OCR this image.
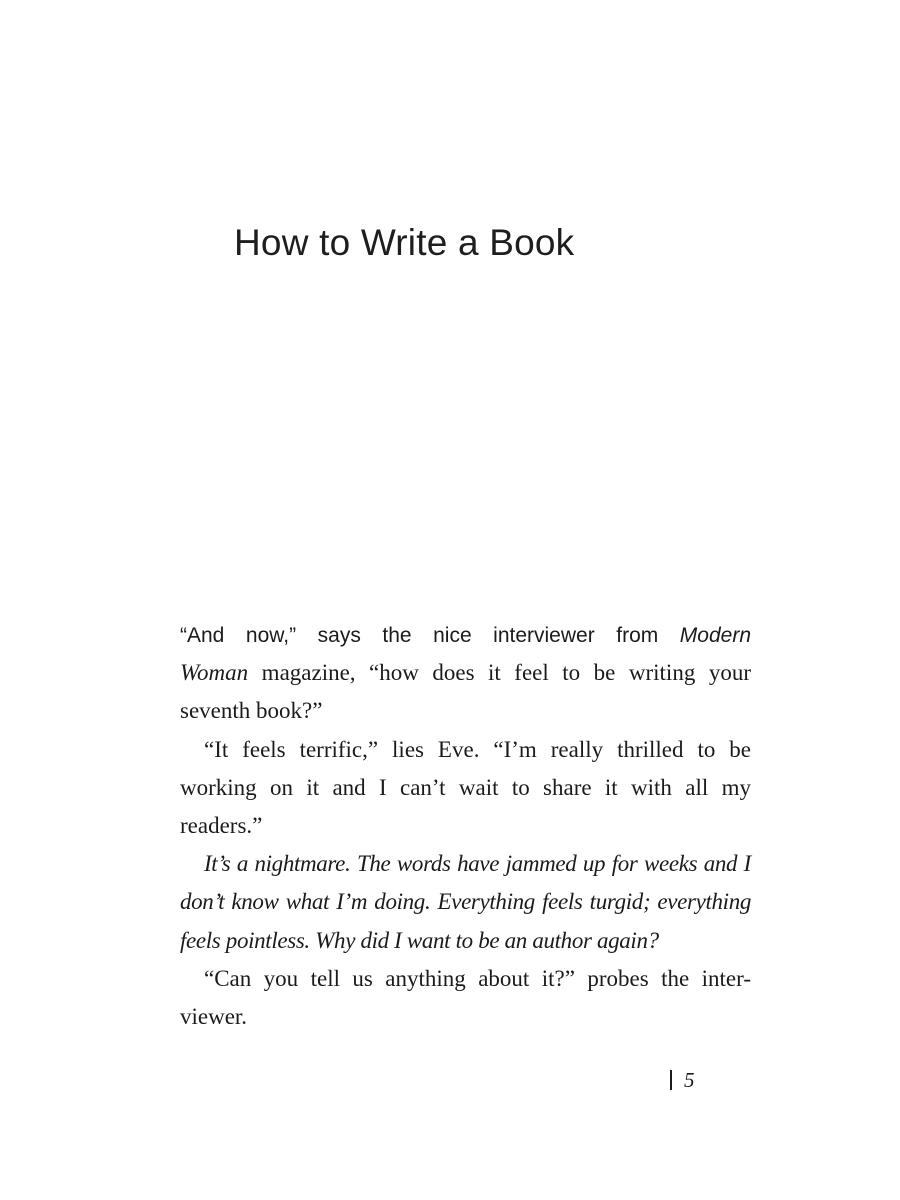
How to Write a Book
“And now,” says the nice interviewer from Modern
Woman magazine, “how does it feel to be writing your
seventh book?”
“It feels terrific,” lies Eve. “I’m really thrilled to be
working on it and I can’t wait to share it with all my
readers.”
It’s a nightmare. The words have jammed up for weeks and I
don’t know what I’m doing. Everything feels turgid; everything
feels pointless. Why did I want to be an author again?
“Can you tell us anything about it?” probes the inter-
viewer.
5
